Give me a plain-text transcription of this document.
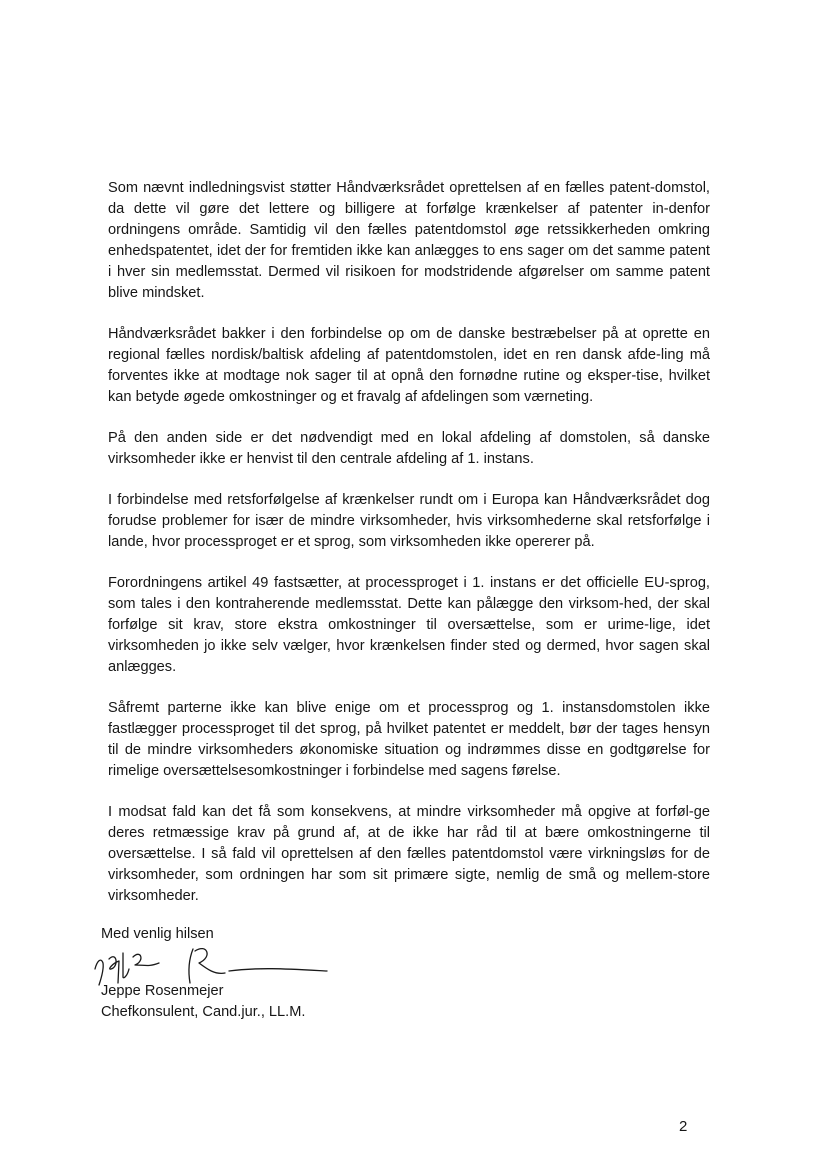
Som nævnt indledningsvist støtter Håndværksrådet oprettelsen af en fælles patent-domstol, da dette vil gøre det lettere og billigere at forfølge krænkelser af patenter in-denfor ordningens område. Samtidig vil den fælles patentdomstol øge retssikkerheden omkring enhedspatentet, idet der for fremtiden ikke kan anlægges to ens sager om det samme patent i hver sin medlemsstat. Dermed vil risikoen for modstridende afgørelser om samme patent blive mindsket.

Håndværksrådet bakker i den forbindelse op om de danske bestræbelser på at oprette en regional fælles nordisk/baltisk afdeling af patentdomstolen, idet en ren dansk afde-ling må forventes ikke at modtage nok sager til at opnå den fornødne rutine og eksper-tise, hvilket kan betyde øgede omkostninger og et fravalg af afdelingen som værneting.

På den anden side er det nødvendigt med en lokal afdeling af domstolen, så danske virksomheder ikke er henvist til den centrale afdeling af 1. instans.

I forbindelse med retsforfølgelse af krænkelser rundt om i Europa kan Håndværksrådet dog forudse problemer for især de mindre virksomheder, hvis virksomhederne skal retsforfølge i lande, hvor processproget er et sprog, som virksomheden ikke opererer på.

Forordningens artikel 49 fastsætter, at processproget i 1. instans er det officielle EU-sprog, som tales i den kontraherende medlemsstat. Dette kan pålægge den virksom-hed, der skal forfølge sit krav, store ekstra omkostninger til oversættelse, som er urime-lige, idet virksomheden jo ikke selv vælger, hvor krænkelsen finder sted og dermed, hvor sagen skal anlægges.

Såfremt parterne ikke kan blive enige om et processprog og 1. instansdomstolen ikke fastlægger processproget til det sprog, på hvilket patentet er meddelt, bør der tages hensyn til de mindre virksomheders økonomiske situation og indrømmes disse en godtgørelse for rimelige oversættelsesomkostninger i forbindelse med sagens førelse.

I modsat fald kan det få som konsekvens, at mindre virksomheder må opgive at forføl-ge deres retmæssige krav på grund af, at de ikke har råd til at bære omkostningerne til oversættelse. I så fald vil oprettelsen af den fælles patentdomstol være virkningsløs for de virksomheder, som ordningen har som sit primære sigte, nemlig de små og mellem-store virksomheder.

Med venlig hilsen

Jeppe Rosenmejer

Chefkonsulent, Cand.jur., LL.M.

2
